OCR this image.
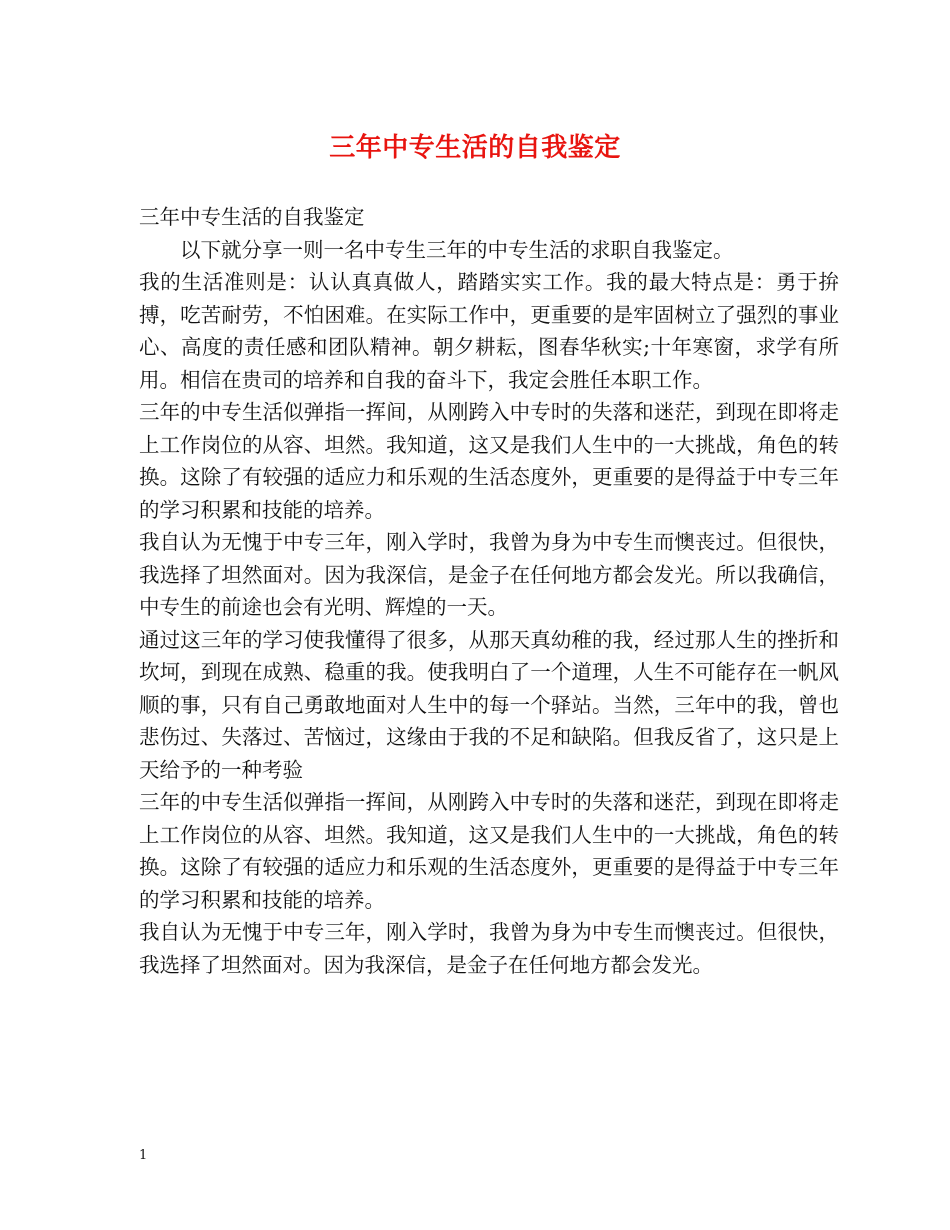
三年中专生活的自我鉴定

三年中专生活的自我鉴定

以下就分享一则一名中专生三年的中专生活的求职自我鉴定。

我的生活准则是：认认真真做人，踏踏实实工作。我的最大特点是：勇于拚搏，吃苦耐劳，不怕困难。在实际工作中，更重要的是牢固树立了强烈的事业心、高度的责任感和团队精神。朝夕耕耘，图春华秋实;十年寒窗，求学有所用。相信在贵司的培养和自我的奋斗下，我定会胜任本职工作。

三年的中专生活似弹指一挥间，从刚跨入中专时的失落和迷茫，到现在即将走上工作岗位的从容、坦然。我知道，这又是我们人生中的一大挑战，角色的转换。这除了有较强的适应力和乐观的生活态度外，更重要的是得益于中专三年的学习积累和技能的培养。

我自认为无愧于中专三年，刚入学时，我曾为身为中专生而懊丧过。但很快，我选择了坦然面对。因为我深信，是金子在任何地方都会发光。所以我确信，中专生的前途也会有光明、辉煌的一天。

通过这三年的学习使我懂得了很多，从那天真幼稚的我，经过那人生的挫折和坎坷，到现在成熟、稳重的我。使我明白了一个道理，人生不可能存在一帆风顺的事，只有自己勇敢地面对人生中的每一个驿站。当然，三年中的我，曾也悲伤过、失落过、苦恼过，这缘由于我的不足和缺陷。但我反省了，这只是上天给予的一种考验

三年的中专生活似弹指一挥间，从刚跨入中专时的失落和迷茫，到现在即将走上工作岗位的从容、坦然。我知道，这又是我们人生中的一大挑战，角色的转换。这除了有较强的适应力和乐观的生活态度外，更重要的是得益于中专三年的学习积累和技能的培养。

我自认为无愧于中专三年，刚入学时，我曾为身为中专生而懊丧过。但很快，我选择了坦然面对。因为我深信，是金子在任何地方都会发光。

1
